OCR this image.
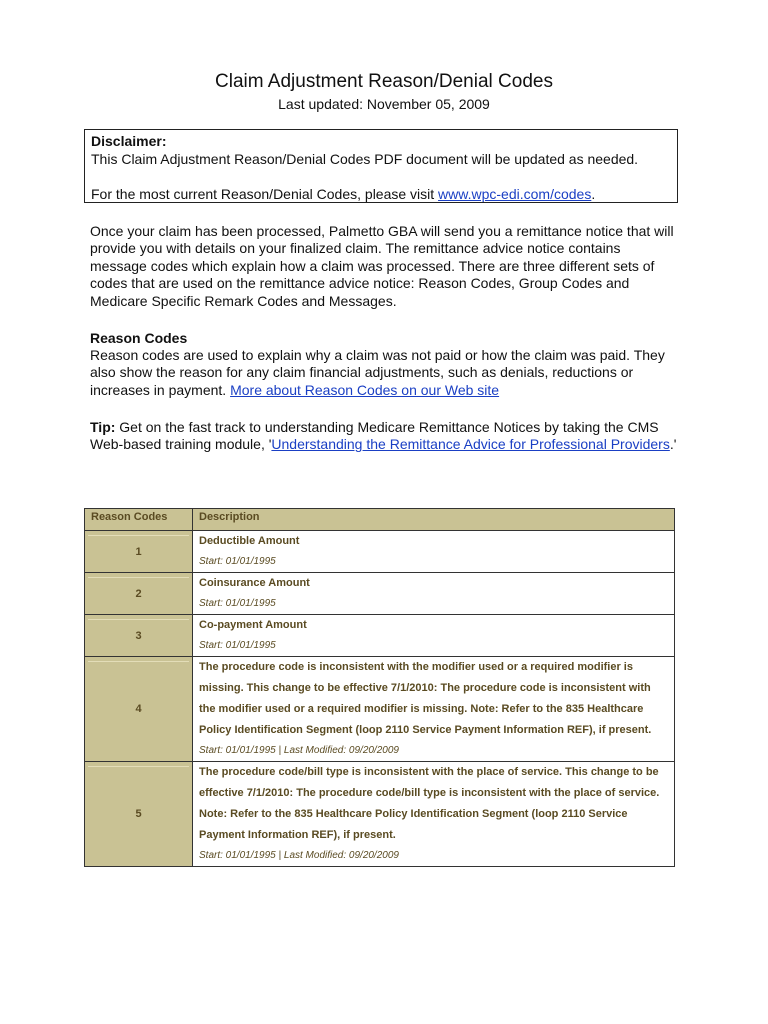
Claim Adjustment Reason/Denial Codes
Last updated: November 05, 2009
Disclaimer:
This Claim Adjustment Reason/Denial Codes PDF document will be updated as needed.
For the most current Reason/Denial Codes, please visit www.wpc-edi.com/codes.
Once your claim has been processed, Palmetto GBA will send you a remittance notice that will provide you with details on your finalized claim. The remittance advice notice contains message codes which explain how a claim was processed. There are three different sets of codes that are used on the remittance advice notice: Reason Codes, Group Codes and Medicare Specific Remark Codes and Messages.
Reason Codes
Reason codes are used to explain why a claim was not paid or how the claim was paid. They also show the reason for any claim financial adjustments, such as denials, reductions or increases in payment. More about Reason Codes on our Web site
Tip: Get on the fast track to understanding Medicare Remittance Notices by taking the CMS Web-based training module, 'Understanding the Remittance Advice for Professional Providers.'
Reason Codes	Description

1	Deductible Amount
Start: 01/01/1995

2	Coinsurance Amount
Start: 01/01/1995

3	Co-payment Amount
Start: 01/01/1995

4	The procedure code is inconsistent with the modifier used or a required modifier is missing. This change to be effective 7/1/2010: The procedure code is inconsistent with the modifier used or a required modifier is missing. Note: Refer to the 835 Healthcare Policy Identification Segment (loop 2110 Service Payment Information REF), if present.
Start: 01/01/1995 | Last Modified: 09/20/2009

5	The procedure code/bill type is inconsistent with the place of service. This change to be effective 7/1/2010: The procedure code/bill type is inconsistent with the place of service. Note: Refer to the 835 Healthcare Policy Identification Segment (loop 2110 Service Payment Information REF), if present.
Start: 01/01/1995 | Last Modified: 09/20/2009
